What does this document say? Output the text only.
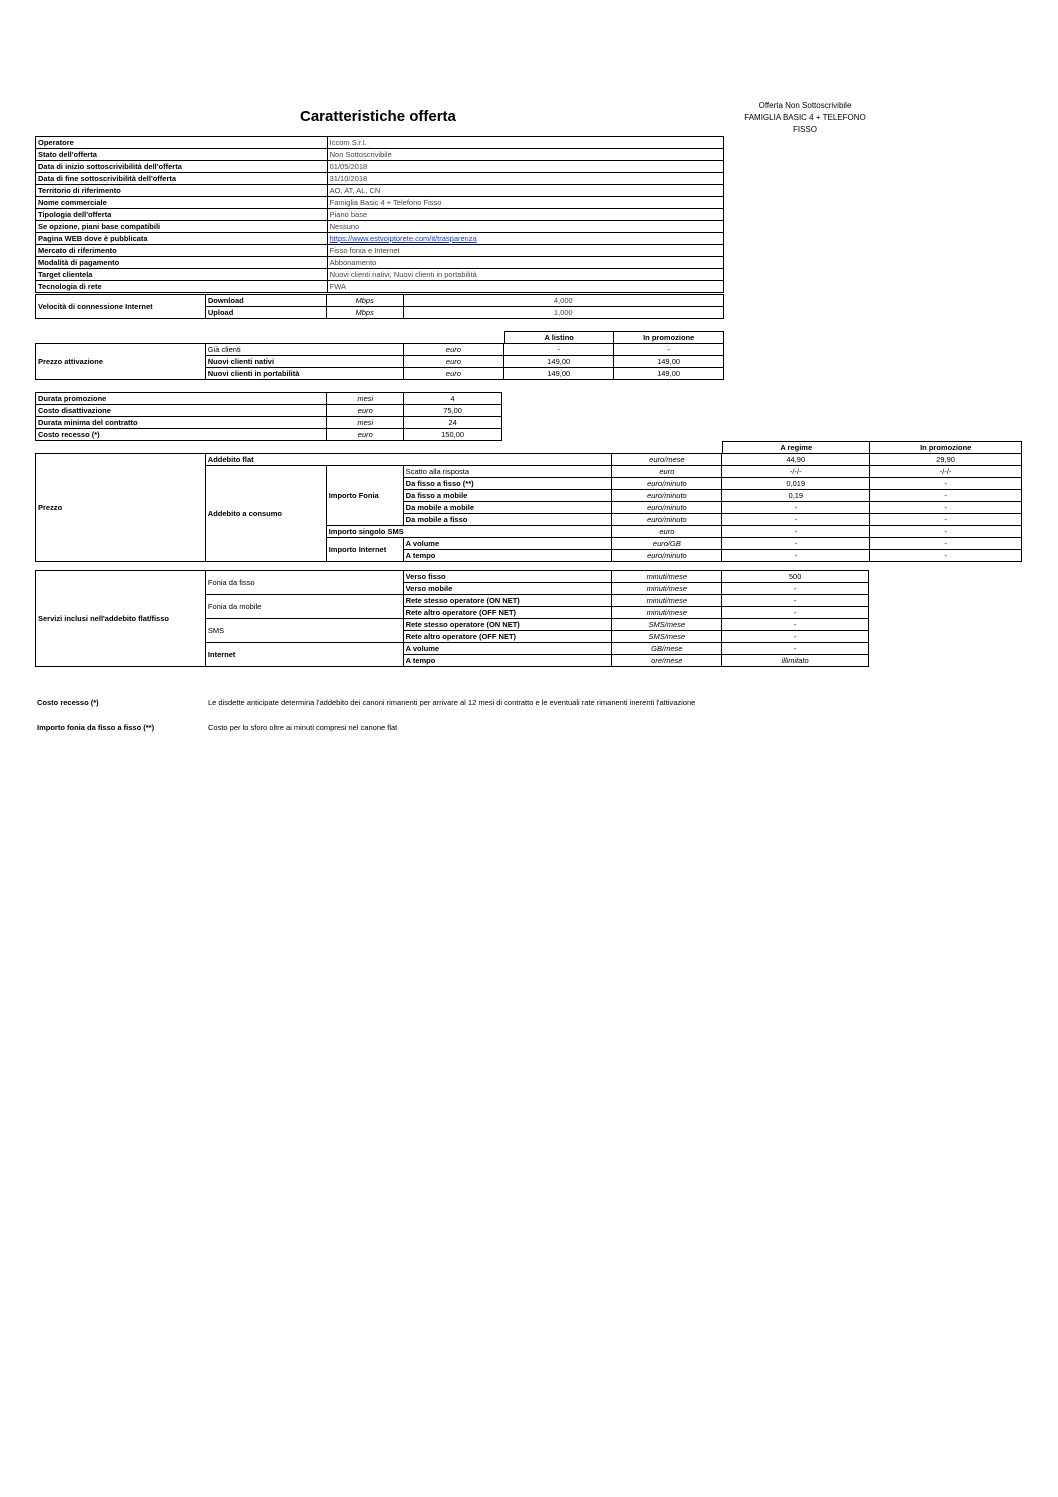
Caratteristiche offerta
Offerta Non Sottoscrivibile
FAMIGLIA BASIC 4 + TELEFONO
FISSO
Operatore	Iccom S.r.l.
Stato dell'offerta	Non Sottoscrivibile
Data di inizio sottoscrivibilità dell'offerta	01/05/2018
Data di fine sottoscrivibilità dell'offerta	31/10/2018
Territorio di riferimento	AO, AT, AL, CN
Nome commerciale	Famiglia Basic 4 + Telefono Fisso
Tipologia dell'offerta	Piano base
Se opzione, piani base compatibili	Nessuno
Pagina WEB dove è pubblicata	https://www.estvoiptorete.com/it/trasparenza
Mercato di riferimento	Fisso fonia e Internet
Modalità di pagamento	Abbonamento
Target clientela	Nuovi clienti nativi, Nuovi clienti in portabilità
Tecnologia di rete	FWA
Velocità di connessione Internet	Download	Mbps	4,000
	Upload	Mbps	1,000
A listino	In promozione
Prezzo attivazione	Già clienti	euro	-	-
	Nuovi clienti nativi	euro	149,00	149,00
	Nuovi clienti in portabilità	euro	149,00	149,00
Durata promozione	mesi	4
Costo disattivazione	euro	75,00
Durata minima del contratto	mesi	24
Costo recesso (*)	euro	150,00
A regime	In promozione
Prezzo	Addebito flat			euro/mese	44,90	29,90
	Addebito a consumo	Importo Fonia	Scatto alla risposta	euro	-/-/-	-/-/-
			Da fisso a fisso (**)	euro/minuto	0,019	-
			Da fisso a mobile	euro/minuto	0,19	-
			Da mobile a mobile	euro/minuto	-	-
			Da mobile a fisso	euro/minuto	-	-
		Importo singolo SMS		euro	-	-
		Importo Internet	A volume	euro/GB	-	-
			A tempo	euro/minuto	-	-
Servizi inclusi nell'addebito flat/fisso	Fonia da fisso	Verso fisso	minuti/mese	500
		Verso mobile	minuti/mese	-
	Fonia da mobile	Rete stesso operatore (ON NET)	minuti/mese	-
		Rete altro operatore (OFF NET)	minuti/mese	-
	SMS	Rete stesso operatore (ON NET)	SMS/mese	-
		Rete altro operatore (OFF NET)	SMS/mese	-
	Internet	A volume	GB/mese	-
		A tempo	ore/mese	illimitato
Costo recesso (*)	Le disdette anticipate determina l'addebito dei canoni rimanenti per arrivare al 12 mesi di contratto e le eventuali rate rimanenti inerenti l'attivazione
Importo fonia da fisso a fisso (**)	Costo per lo sforo oltre ai minuti compresi nel canone flat
